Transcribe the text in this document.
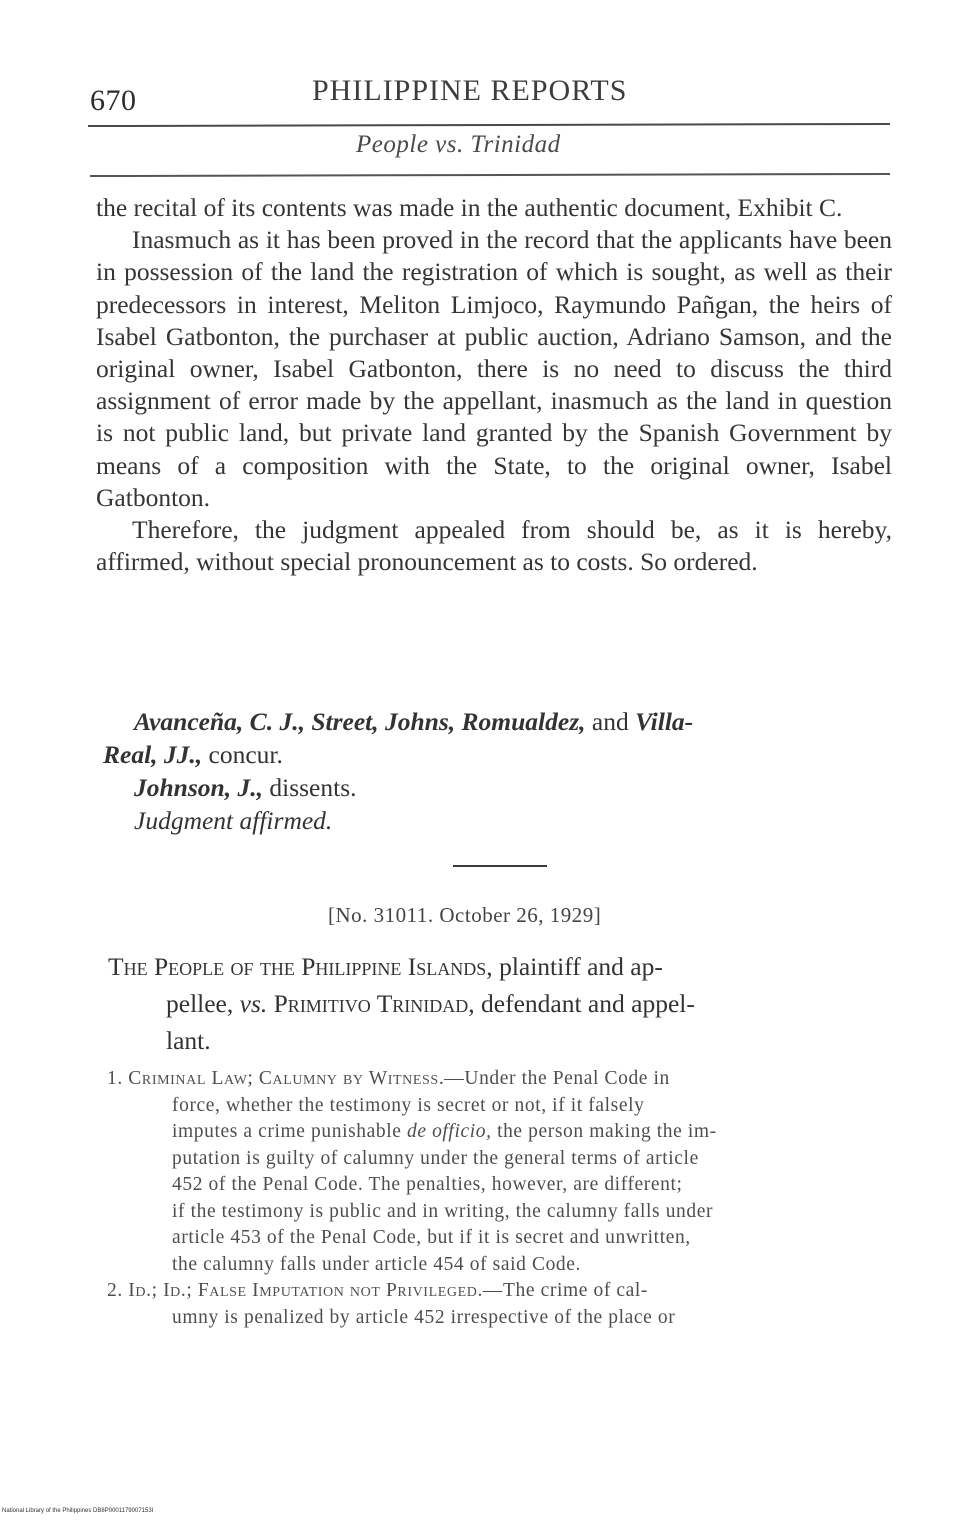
670	PHILIPPINE REPORTS
People vs. Trinidad

the recital of its contents was made in the authentic document, Exhibit C.

Inasmuch as it has been proved in the record that the applicants have been in possession of the land the registration of which is sought, as well as their predecessors in interest, Meliton Limjoco, Raymundo Pañgan, the heirs of Isabel Gatbonton, the purchaser at public auction, Adriano Samson, and the original owner, Isabel Gatbonton, there is no need to discuss the third assignment of error made by the appellant, inasmuch as the land in question is not public land, but private land granted by the Spanish Government by means of a composition with the State, to the original owner, Isabel Gatbonton.

Therefore, the judgment appealed from should be, as it is hereby, affirmed, without special pronouncement as to costs. So ordered.

Avanceña, C. J., Street, Johns, Romualdez, and Villa-
Real, JJ., concur.
Johnson, J., dissents.
Judgment affirmed.
[No. 31011. October 26, 1929]
The People of the Philippine Islands, plaintiff and ap-
pellee, vs. Primitivo Trinidad, defendant and appel-
lant.
1. Criminal Law; Calumny by Witness.—Under the Penal Code in
force, whether the testimony is secret or not, if it falsely
imputes a crime punishable de officio, the person making the im-
putation is guilty of calumny under the general terms of article
452 of the Penal Code. The penalties, however, are different;
if the testimony is public and in writing, the calumny falls under
article 453 of the Penal Code, but if it is secret and unwritten,
the calumny falls under article 454 of said Code.
2. Id.; Id.; False Imputation not Privileged.—The crime of cal-
umny is penalized by article 452 irrespective of the place or
National Library of the Philippines DB8P0001179007153I
